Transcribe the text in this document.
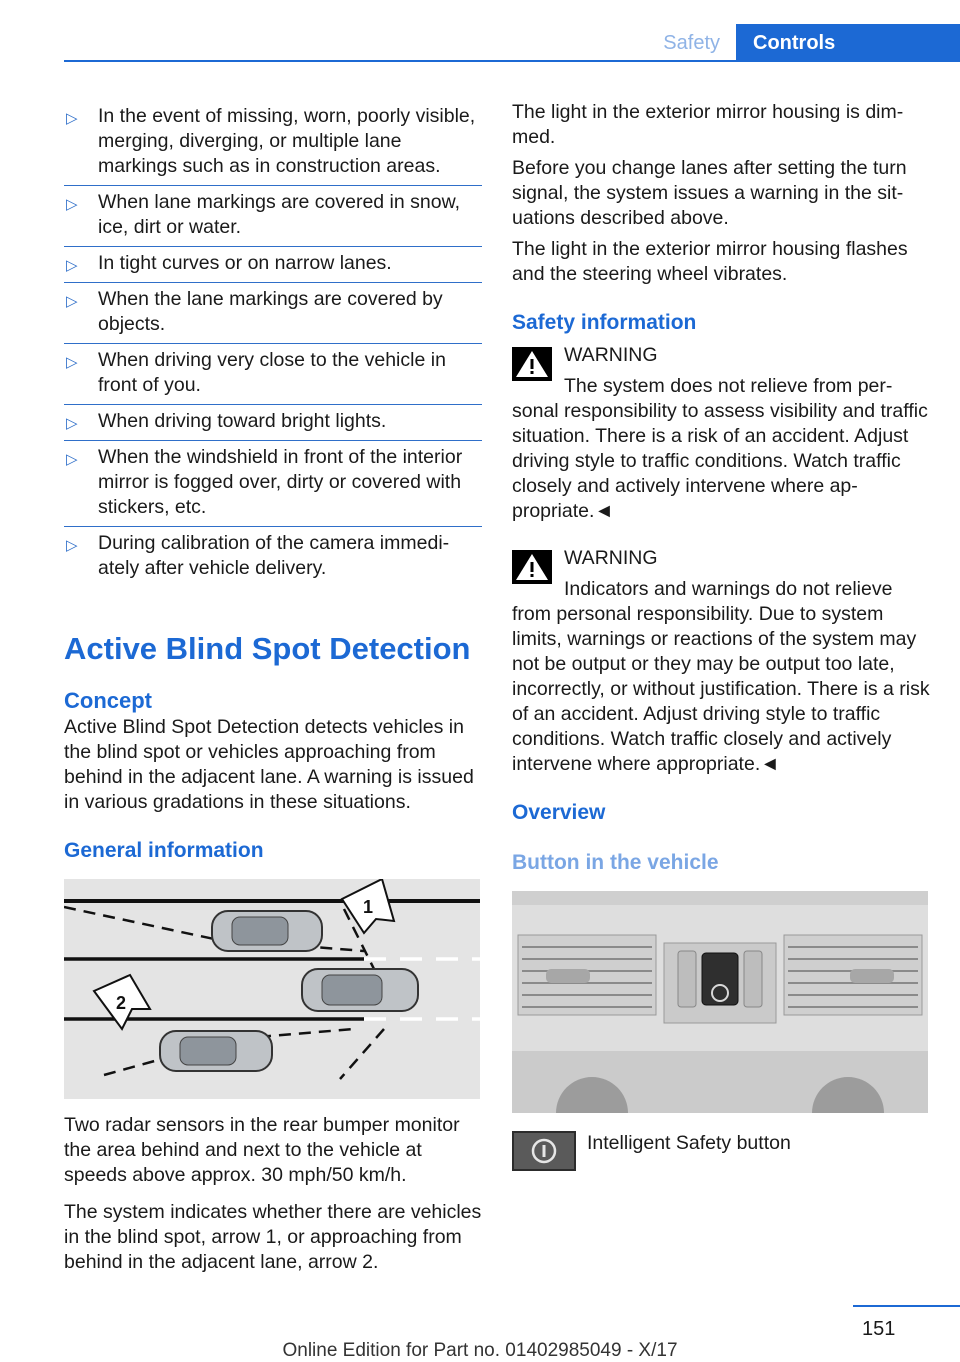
Safety	Controls
▷ In the event of missing, worn, poorly visible, merging, diverging, or multiple lane markings such as in construction areas.
▷ When lane markings are covered in snow, ice, dirt or water.
▷ In tight curves or on narrow lanes.
▷ When the lane markings are covered by objects.
▷ When driving very close to the vehicle in front of you.
▷ When driving toward bright lights.
▷ When the windshield in front of the interior mirror is fogged over, dirty or covered with stickers, etc.
▷ During calibration of the camera immediately after vehicle delivery.
Active Blind Spot Detection
Concept

Active Blind Spot Detection detects vehicles in the blind spot or vehicles approaching from behind in the adjacent lane. A warning is issued in various gradations in these situations.

General information
1
2

Two radar sensors in the rear bumper monitor the area behind and next to the vehicle at speeds above approx. 30 mph/50 km/h.

The system indicates whether there are vehicles in the blind spot, arrow 1, or approaching from behind in the adjacent lane, arrow 2.

The light in the exterior mirror housing is dimmed.

Before you change lanes after setting the turn signal, the system issues a warning in the situations described above.

The light in the exterior mirror housing flashes and the steering wheel vibrates.

Safety information
WARNING
The system does not relieve from personal responsibility to assess visibility and traffic situation. There is a risk of an accident. Adjust driving style to traffic conditions. Watch traffic closely and actively intervene where appropriate.◄
WARNING
Indicators and warnings do not relieve from personal responsibility. Due to system limits, warnings or reactions of the system may not be output or they may be output too late, incorrectly, or without justification. There is a risk of an accident. Adjust driving style to traffic conditions. Watch traffic closely and actively intervene where appropriate.◄
Overview
Button in the vehicle
Intelligent Safety button
151
Online Edition for Part no. 01402985049 - X/17
